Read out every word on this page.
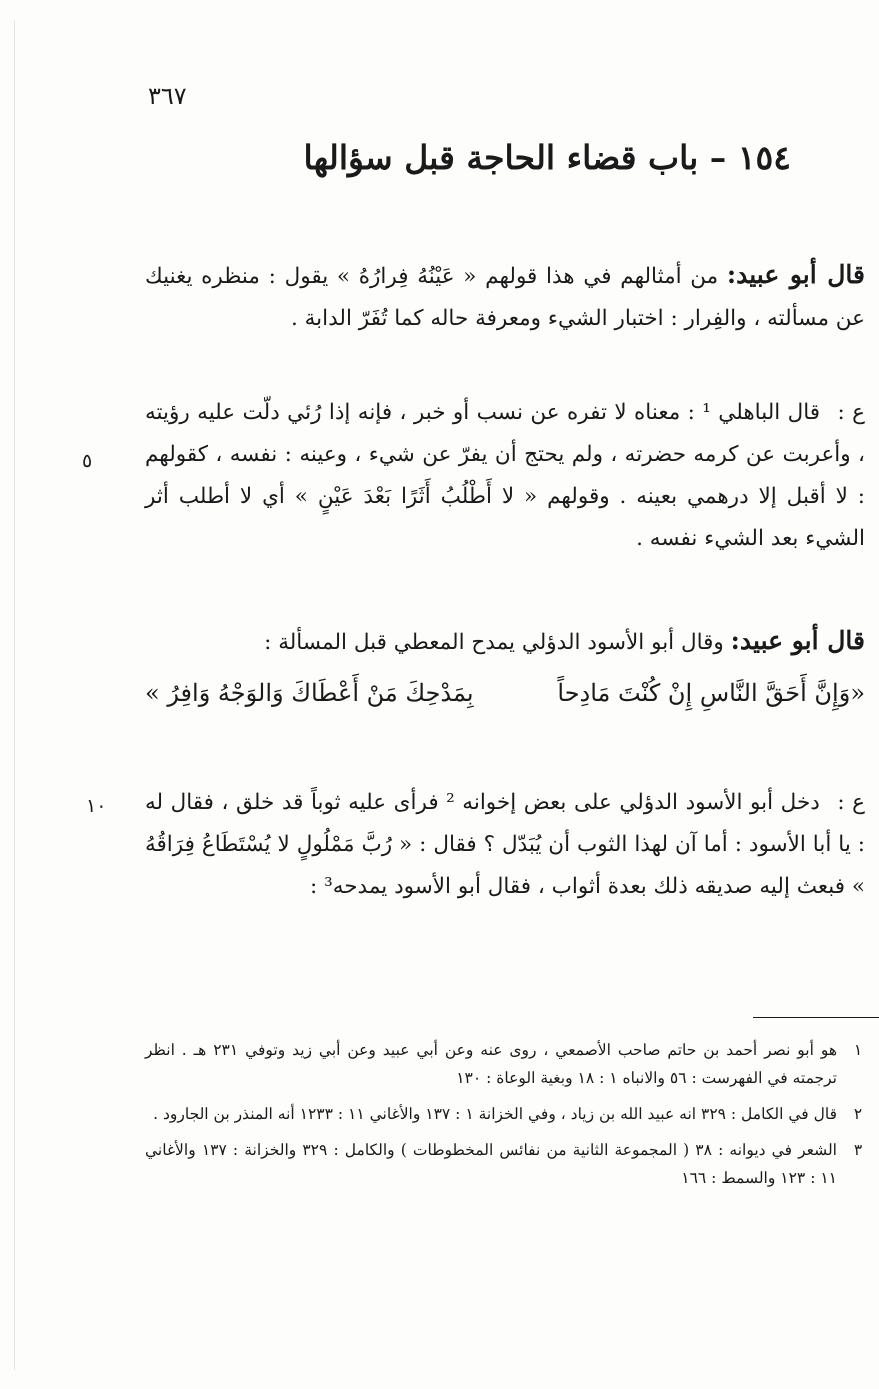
٣٦٧
١٥٤ – باب قضاء الحاجة قبل سؤالها

قال أبو عبيد: من أمثالهم في هذا قولهم « عَيْنُهُ فِرارُهُ » يقول : منظره يغنيك عن مسألته ، والفِرار : اختبار الشيء ومعرفة حاله كما تُفَرّ الدابة .

ع : قال الباهلي ¹ : معناه لا تفره عن نسب أو خبر ، فإنه إذا رُئي دلّت عليه رؤيته ، وأعربت عن كرمه حضرته ، ولم يحتج أن يفرّ عن شيء ، وعينه : نفسه ، كقولهم : لا أقبل إلا درهمي بعينه . وقولهم « لا أَطْلُبُ أَثَرًا بَعْدَ عَيْنٍ » أي لا أطلب أثر الشيء بعد الشيء نفسه .

٥

قال أبو عبيد: وقال أبو الأسود الدؤلي يمدح المعطي قبل المسألة :

«وَإِنَّ أَحَقَّ النَّاسِ إِنْ كُنْتَ مَادِحاً
بِمَدْحِكَ مَنْ أَعْطَاكَ وَالوَجْهُ وَافِرُ »

ع : دخل أبو الأسود الدؤلي على بعض إخوانه ² فرأى عليه ثوباً قد خلق ، فقال له : يا أبا الأسود : أما آن لهذا الثوب أن يُبَدّل ؟ فقال : « رُبَّ مَمْلُولٍ لا يُسْتَطَاعُ فِرَاقُهُ » فبعث إليه صديقه ذلك بعدة أثواب ، فقال أبو الأسود يمدحه³ :

١٠
١
هو أبو نصر أحمد بن حاتم صاحب الأصمعي ، روى عنه وعن أبي عبيد وعن أبي زيد وتوفي ٢٣١ هـ . انظر ترجمته في الفهرست : ٥٦ والانباه ١ : ١٨ وبغية الوعاة : ١٣٠
٢
قال في الكامل : ٣٢٩ انه عبيد الله بن زياد ، وفي الخزانة ١ : ١٣٧ والأغاني ١١ : ١٢٣٣ أنه المنذر بن الجارود .
٣
الشعر في ديوانه : ٣٨ ( المجموعة الثانية من نفائس المخطوطات ) والكامل : ٣٢٩ والخزانة : ١٣٧ والأغاني ١١ : ١٢٣ والسمط : ١٦٦
